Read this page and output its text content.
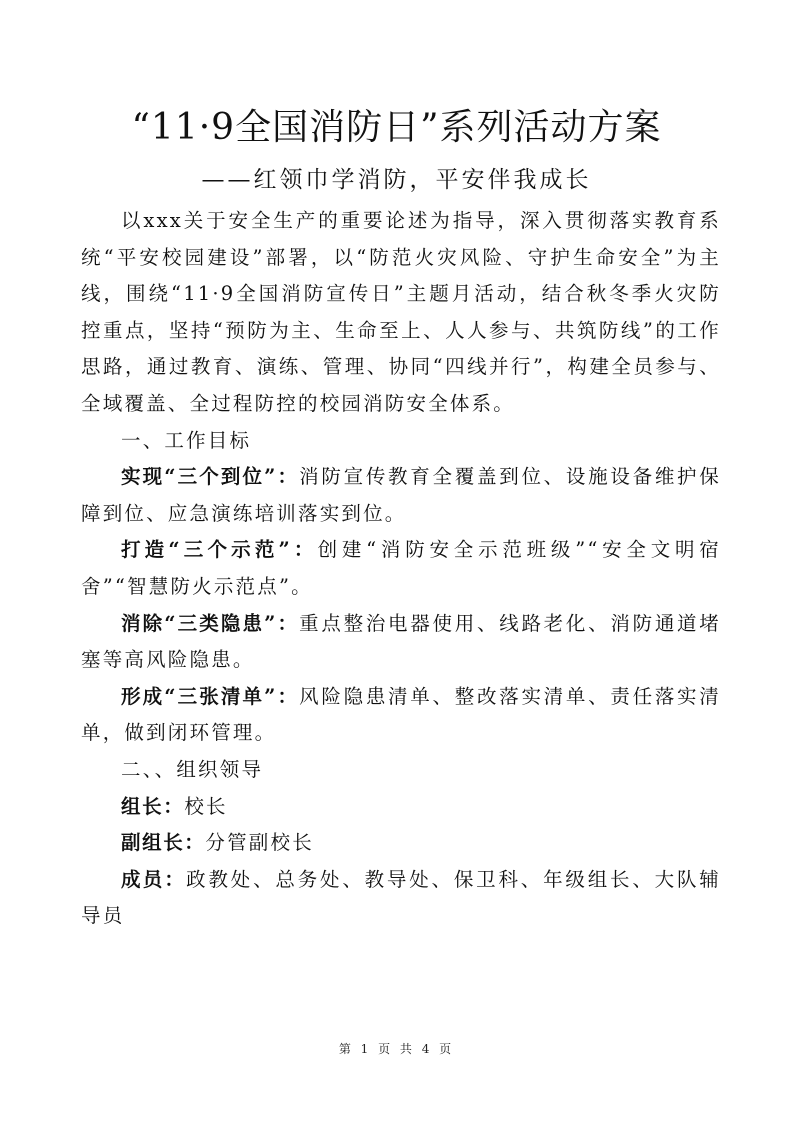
“11·9全国消防日”系列活动方案
——红领巾学消防，平安伴我成长

以xxx关于安全生产的重要论述为指导，深入贯彻落实教育系统“平安校园建设”部署，以“防范火灾风险、守护生命安全”为主线，围绕“11·9全国消防宣传日”主题月活动，结合秋冬季火灾防控重点，坚持“预防为主、生命至上、人人参与、共筑防线”的工作思路，通过教育、演练、管理、协同“四线并行”，构建全员参与、全域覆盖、全过程防控的校园消防安全体系。

一、工作目标

实现“三个到位”：消防宣传教育全覆盖到位、设施设备维护保障到位、应急演练培训落实到位。

打造“三个示范”：创建“消防安全示范班级”“安全文明宿舍”“智慧防火示范点”。

消除“三类隐患”：重点整治电器使用、线路老化、消防通道堵塞等高风险隐患。

形成“三张清单”：风险隐患清单、整改落实清单、责任落实清单，做到闭环管理。

二、、组织领导

组长：校长

副组长：分管副校长

成员：政教处、总务处、教导处、保卫科、年级组长、大队辅导员

第 1 页 共 4 页
